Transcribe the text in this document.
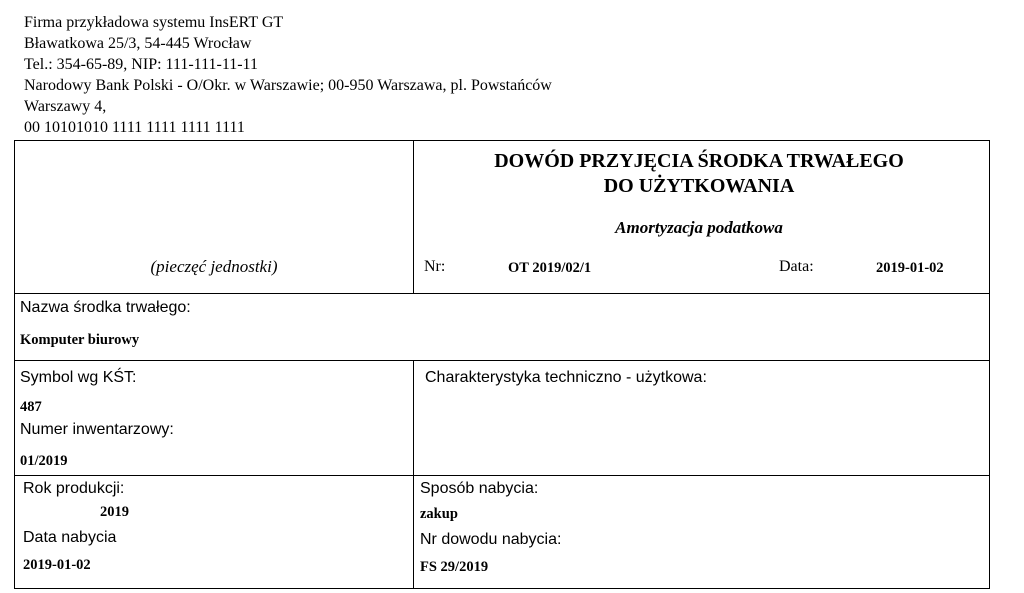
Firma przykładowa systemu InsERT GT
Bławatkowa 25/3, 54-445 Wrocław
Tel.: 354-65-89, NIP: 111-111-11-11
Narodowy Bank Polski - O/Okr. w Warszawie; 00-950 Warszawa, pl. Powstańców
Warszawy 4,
00 10101010 1111 1111 1111 1111
DOWÓD PRZYJĘCIA ŚRODKA TRWAŁEGO
DO UŻYTKOWANIA
Amortyzacja podatkowa
(pieczęć jednostki)	Nr:	OT 2019/02/1	Data:	2019-01-02
Nazwa środka trwałego:
Komputer biurowy
Symbol wg KŚT:
487
Numer inwentarzowy:
01/2019
Charakterystyka techniczno - użytkowa:
Rok produkcji:
2019
Data nabycia
2019-01-02
Sposób nabycia:
zakup
Nr dowodu nabycia:
FS 29/2019
